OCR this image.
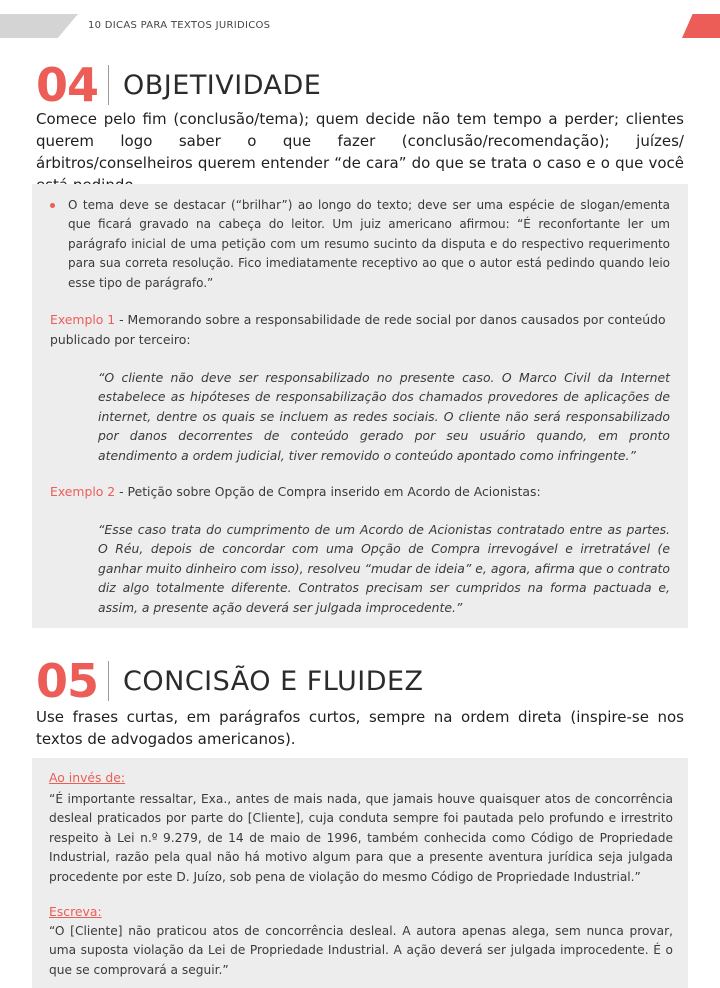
10 DICAS PARA TEXTOS JURIDICOS
04 OBJETIVIDADE
Comece pelo fim (conclusão/tema); quem decide não tem tempo a perder; clientes querem logo saber o que fazer (conclusão/recomendação); juízes/árbitros/conselheiros querem entender “de cara” do que se trata o caso e o que você
O tema deve se destacar (“brilhar”) ao longo do texto; deve ser uma espécie de slogan/ementa que ficará gravado na cabeça do leitor. Um juiz americano afirmou: “É reconfortante ler um parágrafo inicial de uma petição com um resumo sucinto da disputa e do respectivo requerimento para sua correta resolução. Fico imediatamente receptivo ao que o autor está pedindo quando leio esse tipo de parágrafo.”
Exemplo 1 - Memorando sobre a responsabilidade de rede social por danos causados por conteúdo publicado por terceiro:
“O cliente não deve ser responsabilizado no presente caso. O Marco Civil da Internet estabelece as hipóteses de responsabilização dos chamados provedores de aplicações de internet, dentre os quais se incluem as redes sociais. O cliente não será responsabilizado por danos decorrentes de conteúdo gerado por seu usuário quando, em pronto atendimento a ordem judicial, tiver removido o conteúdo apontado como infringente.”
Exemplo 2 - Petição sobre Opção de Compra inserido em Acordo de Acionistas:
“Esse caso trata do cumprimento de um Acordo de Acionistas contratado entre as partes. O Réu, depois de concordar com uma Opção de Compra irrevogável e irretratável (e ganhar muito dinheiro com isso), resolveu “mudar de ideia” e, agora, afirma que o contrato diz algo totalmente diferente. Contratos precisam ser cumpridos na forma pactuada e, assim, a presente ação deverá ser julgada improcedente.”
05 CONCISÃO E FLUIDEZ
Use frases curtas, em parágrafos curtos, sempre na ordem direta (inspire-se nos textos de advogados americanos).
Ao invés de:
“É importante ressaltar, Exa., antes de mais nada, que jamais houve quaisquer atos de concorrência desleal praticados por parte do [Cliente], cuja conduta sempre foi pautada pelo profundo e irrestrito respeito à Lei n.º 9.279, de 14 de maio de 1996, também conhecida como Código de Propriedade Industrial, razão pela qual não há motivo algum para que a presente aventura jurídica seja julgada procedente por este D. Juízo, sob pena de violação do mesmo Código de Propriedade Industrial.”
Escreva:
“O [Cliente] não praticou atos de concorrência desleal. A autora apenas alega, sem nunca provar, uma suposta violação da Lei de Propriedade Industrial. A ação deverá ser julgada improcedente. É o que se comprovará a seguir.”
